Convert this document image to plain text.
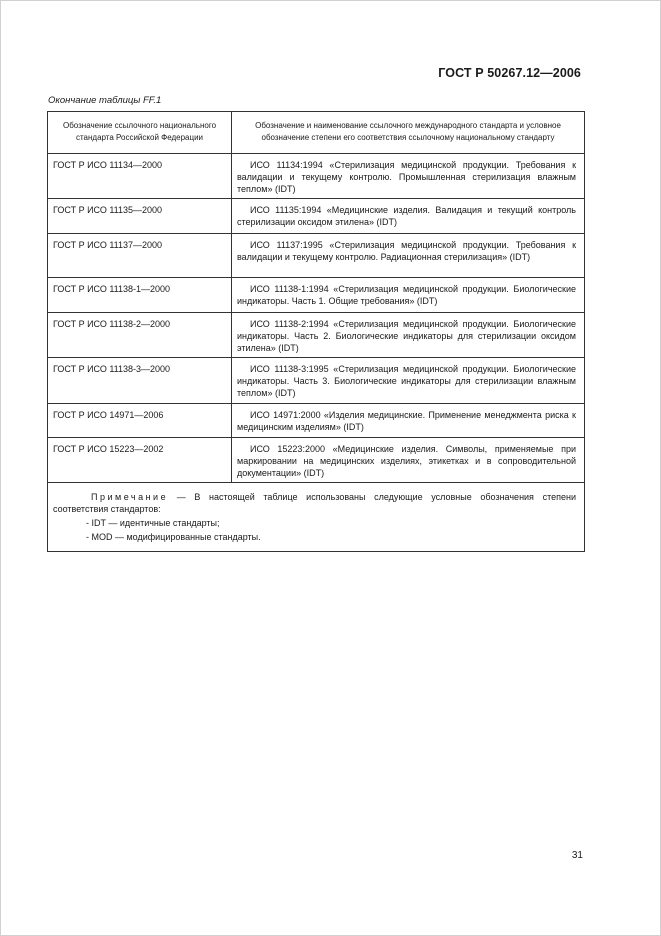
ГОСТ Р 50267.12—2006
Окончание таблицы FF.1
Обозначение ссылочного национального стандарта Российской Федерации	Обозначение и наименование ссылочного международного стандарта и условное обозначение степени его соответствия ссылочному национальному стандарту
ГОСТ Р ИСО 11134—2000	ИСО 11134:1994 «Стерилизация медицинской продукции. Требования к валидации и текущему контролю. Промышленная стерилизация влажным теплом» (IDT)
ГОСТ Р ИСО 11135—2000	ИСО 11135:1994 «Медицинские изделия. Валидация и текущий контроль стерилизации оксидом этилена» (IDT)
ГОСТ Р ИСО 11137—2000	ИСО 11137:1995 «Стерилизация медицинской продукции. Требования к валидации и текущему контролю. Радиационная стерилизация» (IDT)
ГОСТ Р ИСО 11138-1—2000	ИСО 11138-1:1994 «Стерилизация медицинской продукции. Биологические индикаторы. Часть 1. Общие требования» (IDT)
ГОСТ Р ИСО 11138-2—2000	ИСО 11138-2:1994 «Стерилизация медицинской продукции. Биологические индикаторы. Часть 2. Биологические индикаторы для стерилизации оксидом этилена» (IDT)
ГОСТ Р ИСО 11138-3—2000	ИСО 11138-3:1995 «Стерилизация медицинской продукции. Биологические индикаторы. Часть 3. Биологические индикаторы для стерилизации влажным теплом» (IDT)
ГОСТ Р ИСО 14971—2006	ИСО 14971:2000 «Изделия медицинские. Применение менеджмента риска к медицинским изделиям» (IDT)
ГОСТ Р ИСО 15223—2002	ИСО 15223:2000 «Медицинские изделия. Символы, применяемые при маркировании на медицинских изделиях, этикетках и в сопроводительной документации» (IDT)

Примечание — В настоящей таблице использованы следующие условные обозначения степени соответствия стандартов:
- IDT — идентичные стандарты;
- MOD — модифицированные стандарты.	
31
